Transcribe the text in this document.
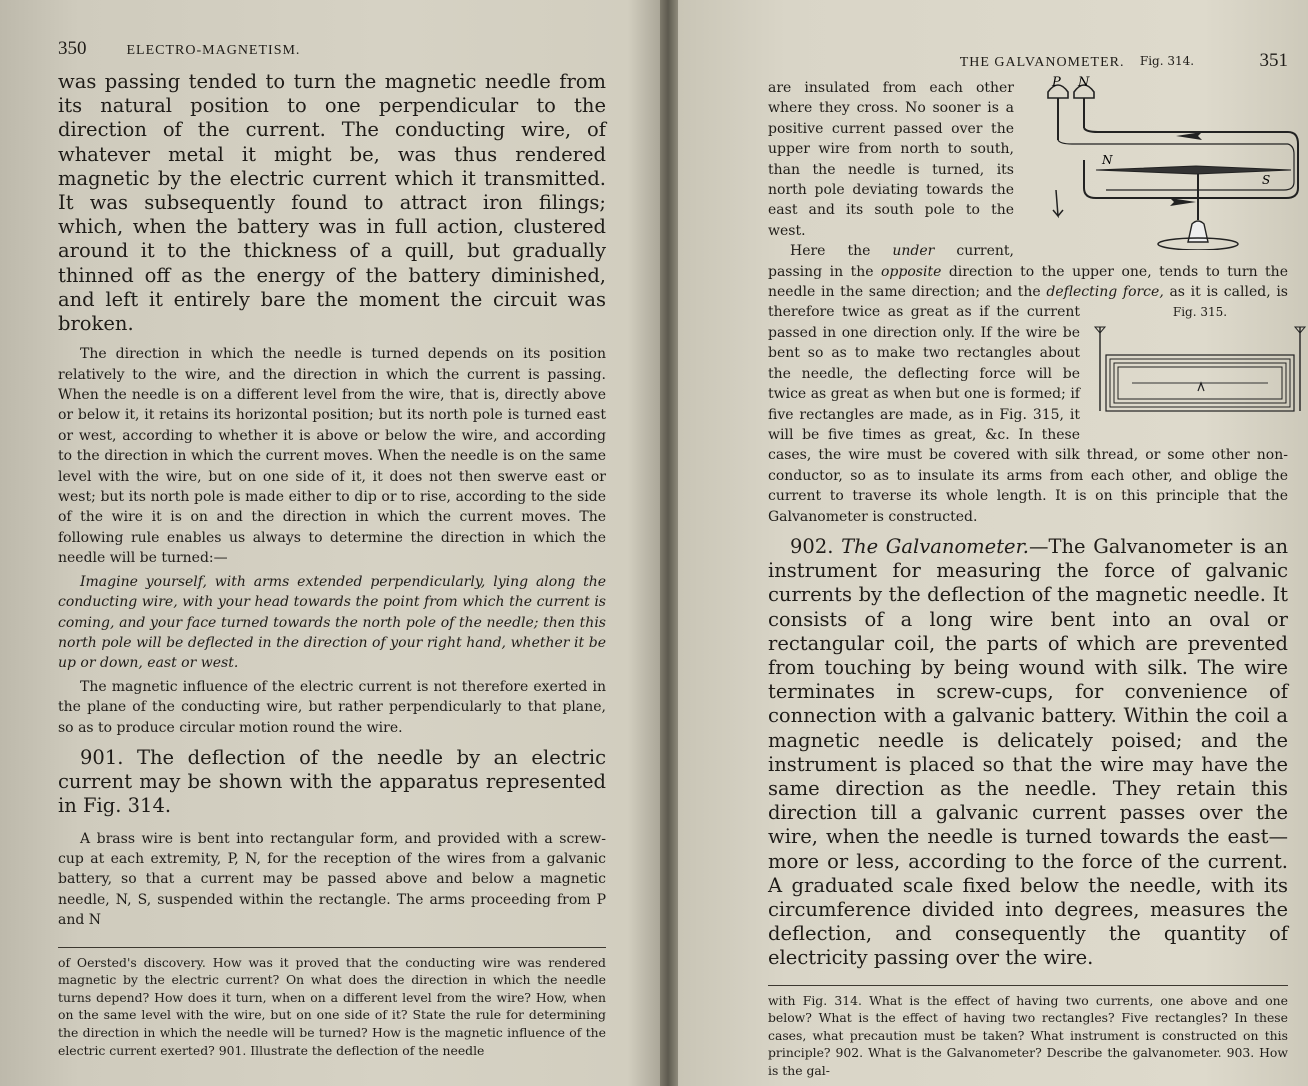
350	ELECTRO-MAGNETISM.

was passing tended to turn the magnetic needle from its natural position to one perpendicular to the direction of the current. The conducting wire, of whatever metal it might be, was thus rendered magnetic by the electric current which it transmitted. It was subsequently found to attract iron filings; which, when the battery was in full action, clustered around it to the thickness of a quill, but gradually thinned off as the energy of the battery diminished, and left it entirely bare the moment the circuit was broken.

The direction in which the needle is turned depends on its position relatively to the wire, and the direction in which the current is passing. When the needle is on a different level from the wire, that is, directly above or below it, it retains its horizontal position; but its north pole is turned east or west, according to whether it is above or below the wire, and according to the direction in which the current moves. When the needle is on the same level with the wire, but on one side of it, it does not then swerve east or west; but its north pole is made either to dip or to rise, according to the side of the wire it is on and the direction in which the current moves. The following rule enables us always to determine the direction in which the needle will be turned:—

Imagine yourself, with arms extended perpendicularly, lying along the conducting wire, with your head towards the point from which the current is coming, and your face turned towards the north pole of the needle; then this north pole will be deflected in the direction of your right hand, whether it be up or down, east or west.

The magnetic influence of the electric current is not therefore exerted in the plane of the conducting wire, but rather perpendicularly to that plane, so as to produce circular motion round the wire.

901. The deflection of the needle by an electric current may be shown with the apparatus represented in Fig. 314.

A brass wire is bent into rectangular form, and provided with a screw-cup at each extremity, P, N, for the reception of the wires from a galvanic battery, so that a current may be passed above and below a magnetic needle, N, S, suspended within the rectangle. The arms proceeding from P and N

of Oersted's discovery. How was it proved that the conducting wire was rendered magnetic by the electric current? On what does the direction in which the needle turns depend? How does it turn, when on a different level from the wire? How, when on the same level with the wire, but on one side of it? State the rule for determining the direction in which the needle will be turned? How is the magnetic influence of the electric current exerted? 901. Illustrate the deflection of the needle

THE GALVANOMETER.	351
Fig. 314.
P N
N
S

are insulated from each other where they cross. No sooner is a positive current passed over the upper wire from north to south, than the needle is turned, its north pole deviating towards the east and its south pole to the west.

Here the under current, passing in the opposite direction to the upper one, tends to turn the needle in the same direction; and the deflecting force,
Fig. 315.
as it is called, is therefore twice as great as if the current passed in one direction only. If the wire be bent so as to make two rectangles about the needle, the deflecting force will be twice as great as when but one is formed; if five rectangles are made, as in Fig. 315, it will be five times as great, &c. In these cases, the wire must be covered with silk thread, or some other non-conductor, so as to insulate its arms from each other, and oblige the current to traverse its whole length. It is on this principle that the Galvanometer is constructed.

902. The Galvanometer.—The Galvanometer is an instrument for measuring the force of galvanic currents by the deflection of the magnetic needle. It consists of a long wire bent into an oval or rectangular coil, the parts of which are prevented from touching by being wound with silk. The wire terminates in screw-cups, for convenience of connection with a galvanic battery. Within the coil a magnetic needle is delicately poised; and the instrument is placed so that the wire may have the same direction as the needle. They retain this direction till a galvanic current passes over the wire, when the needle is turned towards the east—more or less, according to the force of the current. A graduated scale fixed below the needle, with its circumference divided into degrees, measures the deflection, and consequently the quantity of electricity passing over the wire.

with Fig. 314. What is the effect of having two currents, one above and one below? What is the effect of having two rectangles? Five rectangles? In these cases, what precaution must be taken? What instrument is constructed on this principle? 902. What is the Galvanometer? Describe the galvanometer. 903. How is the gal-
